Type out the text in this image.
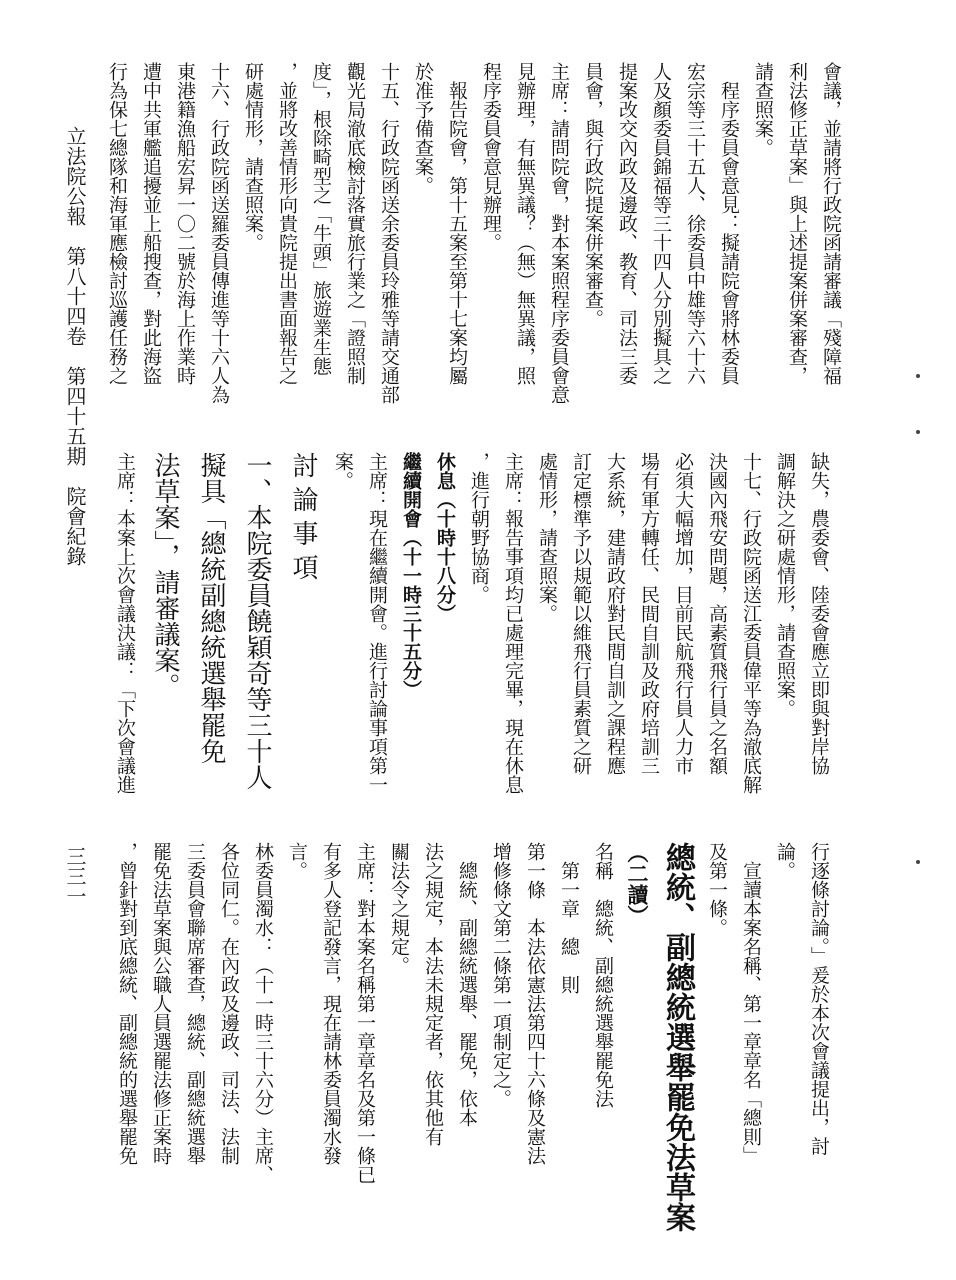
立法院公報　第八十四卷　第四十五期　院會紀錄
三三一
會議，並請將行政院函請審議「殘障福
利法修正草案」與上述提案併案審查，
請查照案。
　程序委員會意見：擬請院會將林委員
宏宗等三十五人、徐委員中雄等六十六
人及顏委員錦福等三十四人分別擬具之
提案改交內政及邊政、教育、司法三委
員會，與行政院提案併案審查。
主席：請問院會，對本案照程序委員會意
見辦理，有無異議？（無）無異議，照
程序委員會意見辦理。
　報告院會，第十五案至第十七案均屬
於准予備查案。
十五、行政院函送余委員玲雅等請交通部
觀光局澈底檢討落實旅行業之「證照制
度」，根除畸型之「牛頭」旅遊業生態
，並將改善情形向貴院提出書面報告之
研處情形，請查照案。
十六、行政院函送羅委員傳進等十六人為
東港籍漁船宏昇一〇二號於海上作業時
遭中共軍艦追擾並上船搜查，對此海盜
行為保七總隊和海軍應檢討巡護任務之
缺失，農委會、陸委會應立即與對岸協
調解決之研處情形，請查照案。
十七、行政院函送江委員偉平等為澈底解
決國內飛安問題，高素質飛行員之名額
必須大幅增加，目前民航飛行員人力市
場有軍方轉任、民間自訓及政府培訓三
大系統，建請政府對民間自訓之課程應
訂定標準予以規範以維飛行員素質之研
處情形，請查照案。
主席：報告事項均已處理完畢，現在休息
，進行朝野協商。
休息（十時十八分）
繼續開會（十一時三十五分）
主席：現在繼續開會。進行討論事項第一
案。
討論事項
一、本院委員饒穎奇等三十人
擬具「總統副總統選舉罷免
法草案」，請審議案。
主席：本案上次會議決議：「下次會議進
行逐條討論。」爰於本次會議提出，討
論。
　宣讀本案名稱、第一章章名「總則」
及第一條。
總統、副總統選舉罷免法草案
（二讀）
名稱　總統、副總統選舉罷免法
　第一章　總　則
第一條　本法依憲法第四十六條及憲法
增修條文第二條第一項制定之。
　總統、副總統選舉、罷免，依本
法之規定，本法未規定者，依其他有
關法令之規定。
主席：對本案名稱第一章章名及第一條已
有多人登記發言，現在請林委員濁水發
言。
林委員濁水：（十一時三十六分）主席、
各位同仁。在內政及邊政、司法、法制
三委員會聯席審查，總統、副總統選舉
罷免法草案與公職人員選罷法修正案時
，曾針對到底總統、副總統的選舉罷免
